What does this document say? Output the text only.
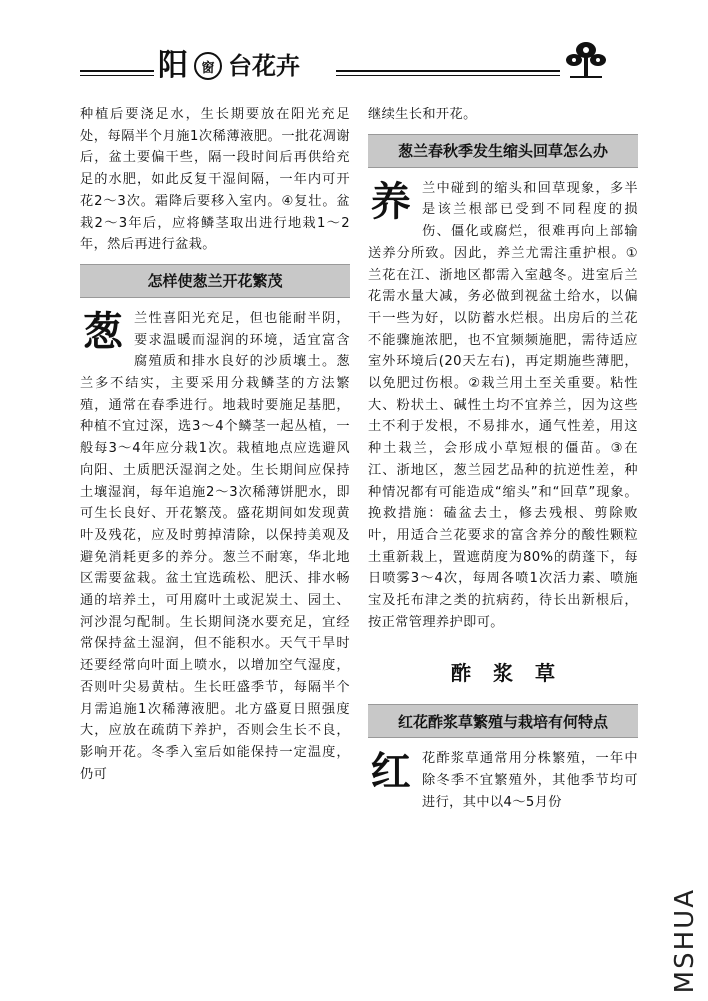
阳	窗 台花卉

种植后要浇足水，生长期要放在阳光充足处，每隔半个月施1次稀薄液肥。一批花凋谢后，盆土要偏干些，隔一段时间后再供给充足的水肥，如此反复干湿间隔，一年内可开花2～3次。霜降后要移入室内。④复壮。盆栽2～3年后，应将鳞茎取出进行地栽1～2年，然后再进行盆栽。

怎样使葱兰开花繁茂

葱兰性喜阳光充足，但也能耐半阴，要求温暖而湿润的环境，适宜富含腐殖质和排水良好的沙质壤土。葱兰多不结实，主要采用分栽鳞茎的方法繁殖，通常在春季进行。地栽时要施足基肥，种植不宜过深，选3～4个鳞茎一起丛植，一般每3～4年应分栽1次。栽植地点应选避风向阳、土质肥沃湿润之处。生长期间应保持土壤湿润，每年追施2～3次稀薄饼肥水，即可生长良好、开花繁茂。盛花期间如发现黄叶及残花，应及时剪掉清除，以保持美观及避免消耗更多的养分。葱兰不耐寒，华北地区需要盆栽。盆土宜选疏松、肥沃、排水畅通的培养土，可用腐叶土或泥炭土、园土、河沙混匀配制。生长期间浇水要充足，宜经常保持盆土湿润，但不能积水。天气干旱时还要经常向叶面上喷水，以增加空气湿度，否则叶尖易黄枯。生长旺盛季节，每隔半个月需追施1次稀薄液肥。北方盛夏日照强度大，应放在疏荫下养护，否则会生长不良，影响开花。冬季入室后如能保持一定温度，仍可

继续生长和开花。

葱兰春秋季发生缩头回草怎么办

养兰中碰到的缩头和回草现象，多半是该兰根部已受到不同程度的损伤、僵化或腐烂，很难再向上部输送养分所致。因此，养兰尤需注重护根。①兰花在江、浙地区都需入室越冬。进室后兰花需水量大减，务必做到视盆土给水，以偏干一些为好，以防蓄水烂根。出房后的兰花不能骤施浓肥，也不宜频频施肥，需待适应室外环境后(20天左右)，再定期施些薄肥，以免肥过伤根。②栽兰用土至关重要。粘性大、粉状土、碱性土均不宜养兰，因为这些土不利于发根，不易排水，通气性差，用这种土栽兰，会形成小草短根的僵苗。③在江、浙地区，葱兰园艺品种的抗逆性差，种种情况都有可能造成“缩头”和“回草”现象。挽救措施：磕盆去土，修去残根、剪除败叶，用适合兰花要求的富含养分的酸性颗粒土重新栽上，置遮荫度为80%的荫蓬下，每日喷雾3～4次，每周各喷1次活力素、喷施宝及托布津之类的抗病药，待长出新根后，按正常管理养护即可。

酢浆草
红花酢浆草繁殖与栽培有何特点

红花酢浆草通常用分株繁殖，一年中除冬季不宜繁殖外，其他季节均可进行，其中以4～5月份

MSHUA
